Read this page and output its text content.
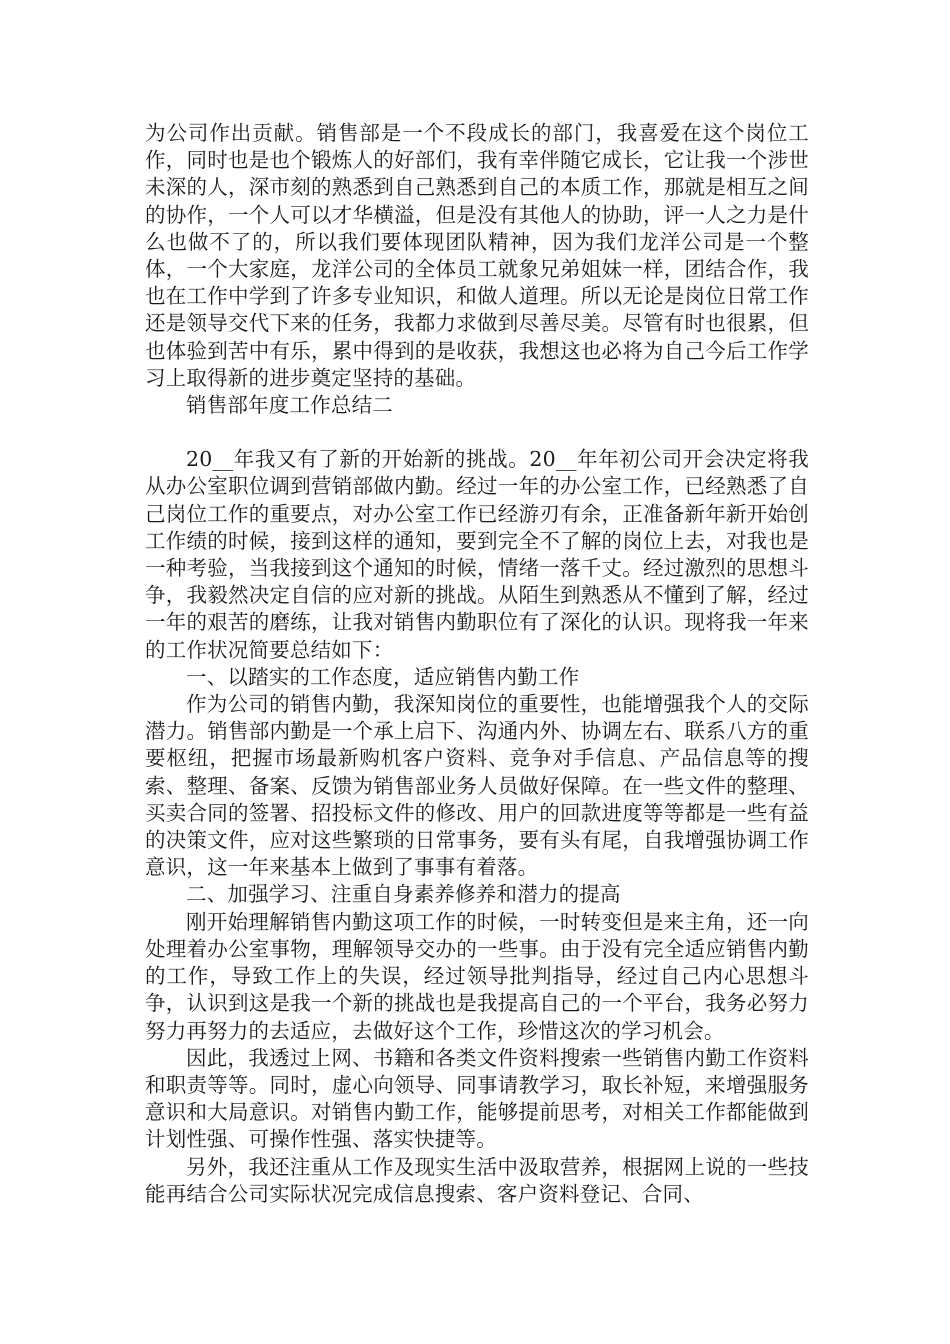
为公司作出贡献。销售部是一个不段成长的部门，我喜爱在这个岗位工作，同时也是也个锻炼人的好部们，我有幸伴随它成长，它让我一个涉世未深的人，深市刻的熟悉到自己熟悉到自己的本质工作，那就是相互之间的协作，一个人可以才华横溢，但是没有其他人的协助，评一人之力是什么也做不了的，所以我们要体现团队精神，因为我们龙洋公司是一个整体，一个大家庭，龙洋公司的全体员工就象兄弟姐妹一样，团结合作，我也在工作中学到了许多专业知识，和做人道理。所以无论是岗位日常工作还是领导交代下来的任务，我都力求做到尽善尽美。尽管有时也很累，但也体验到苦中有乐，累中得到的是收获，我想这也必将为自己今后工作学习上取得新的进步奠定坚持的基础。

销售部年度工作总结二

20__年我又有了新的开始新的挑战。20__年年初公司开会决定将我从办公室职位调到营销部做内勤。经过一年的办公室工作，已经熟悉了自己岗位工作的重要点，对办公室工作已经游刃有余，正准备新年新开始创工作绩的时候，接到这样的通知，要到完全不了解的岗位上去，对我也是一种考验，当我接到这个通知的时候，情绪一落千丈。经过激烈的思想斗争，我毅然决定自信的应对新的挑战。从陌生到熟悉从不懂到了解，经过一年的艰苦的磨练，让我对销售内勤职位有了深化的认识。现将我一年来的工作状况简要总结如下：

一、以踏实的工作态度，适应销售内勤工作

作为公司的销售内勤，我深知岗位的重要性，也能增强我个人的交际潜力。销售部内勤是一个承上启下、沟通内外、协调左右、联系八方的重要枢纽，把握市场最新购机客户资料、竞争对手信息、产品信息等的搜索、整理、备案、反馈为销售部业务人员做好保障。在一些文件的整理、买卖合同的签署、招投标文件的修改、用户的回款进度等等都是一些有益的决策文件，应对这些繁琐的日常事务，要有头有尾，自我增强协调工作意识，这一年来基本上做到了事事有着落。

二、加强学习、注重自身素养修养和潜力的提高

刚开始理解销售内勤这项工作的时候，一时转变但是来主角，还一向处理着办公室事物，理解领导交办的一些事。由于没有完全适应销售内勤的工作，导致工作上的失误，经过领导批判指导，经过自己内心思想斗争，认识到这是我一个新的挑战也是我提高自己的一个平台，我务必努力努力再努力的去适应，去做好这个工作，珍惜这次的学习机会。

因此，我透过上网、书籍和各类文件资料搜索一些销售内勤工作资料和职责等等。同时，虚心向领导、同事请教学习，取长补短，来增强服务意识和大局意识。对销售内勤工作，能够提前思考，对相关工作都能做到计划性强、可操作性强、落实快捷等。

另外，我还注重从工作及现实生活中汲取营养，根据网上说的一些技能再结合公司实际状况完成信息搜索、客户资料登记、合同、
